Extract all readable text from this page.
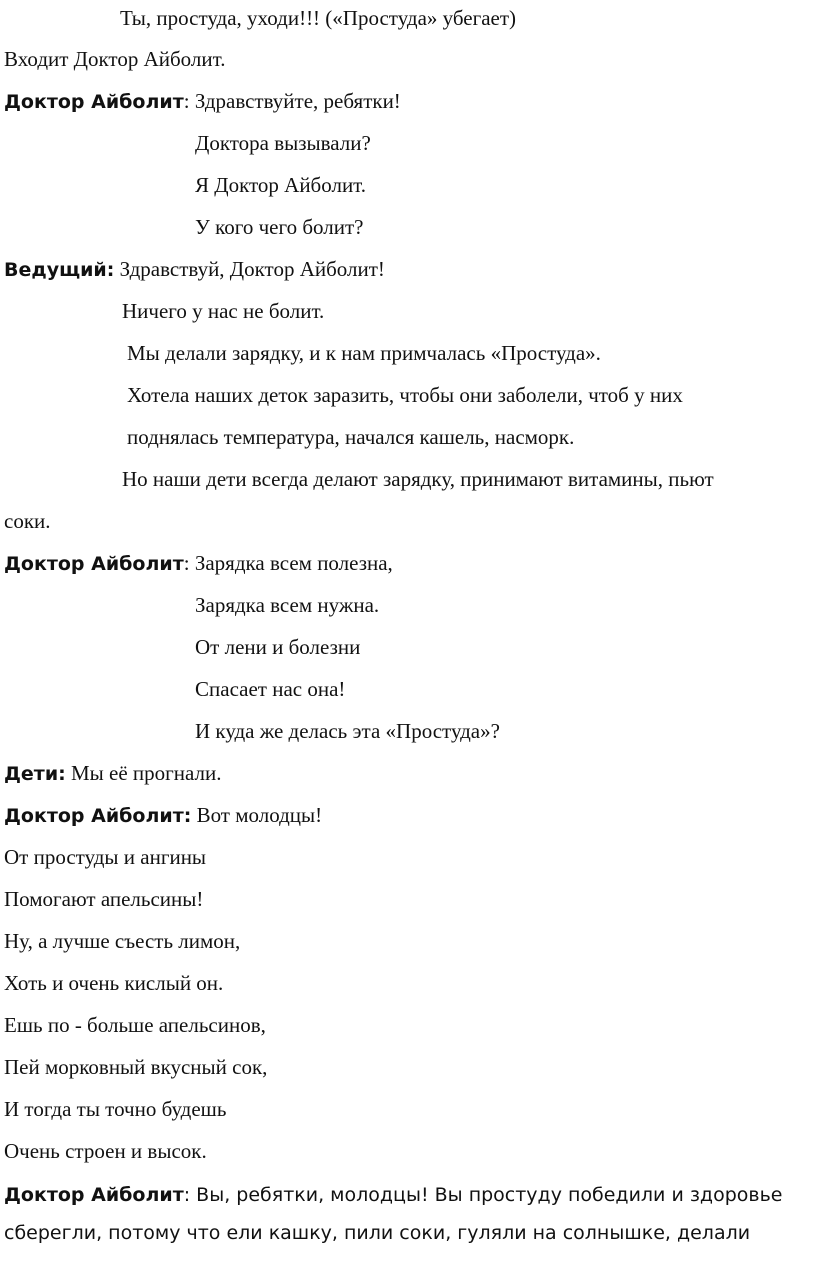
Ты, простуда, уходи!!! («Простуда» убегает)
Входит Доктор Айболит.
Доктор Айболит: Здравствуйте, ребятки!
Доктора вызывали?
Я Доктор Айболит.
У кого чего болит?
Ведущий: Здравствуй, Доктор Айболит!
Ничего у нас не болит.
Мы делали зарядку, и к нам примчалась «Простуда».
Хотела наших деток заразить, чтобы они заболели, чтоб у них
поднялась температура, начался кашель, насморк.
Но наши дети всегда делают зарядку, принимают витамины, пьют
соки.
Доктор Айболит: Зарядка всем полезна,
Зарядка всем нужна.
От лени и болезни
Спасает нас она!
И куда же делась эта «Простуда»?
Дети: Мы её прогнали.
Доктор Айболит: Вот молодцы!
От простуды и ангины
Помогают апельсины!
Ну, а лучше съесть лимон,
Хоть и очень кислый он.
Ешь по - больше апельсинов,
Пей морковный вкусный сок,
И тогда ты точно будешь
Очень строен и высок.
Доктор Айболит: Вы, ребятки, молодцы! Вы простуду победили и здоровье
сберегли, потому что ели кашку, пили соки, гуляли на солнышке, делали
